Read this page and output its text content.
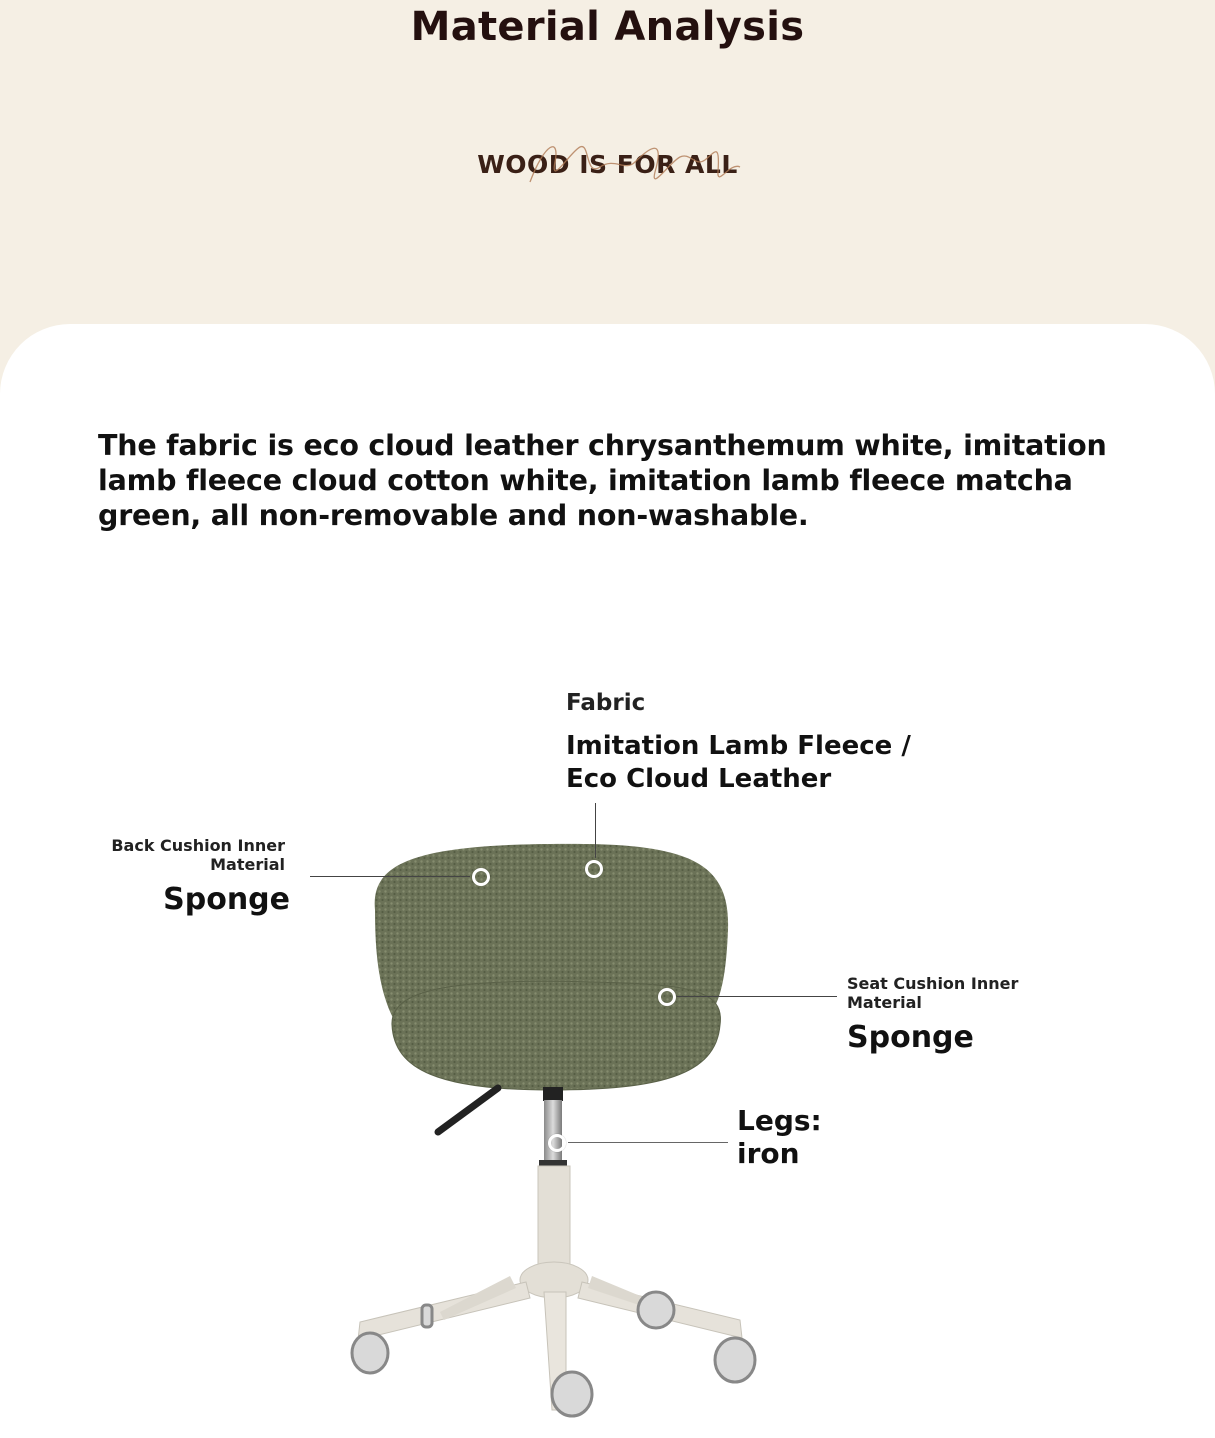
Material Analysis
WOOD IS FOR ALL
The fabric is eco cloud leather chrysanthemum white, imitation lamb fleece cloud cotton white, imitation lamb fleece matcha green, all non-removable and non-washable.
Fabric
Imitation Lamb Fleece / Eco Cloud Leather
Back Cushion Inner Material
Sponge
Seat Cushion Inner Material
Sponge
Legs:
iron
